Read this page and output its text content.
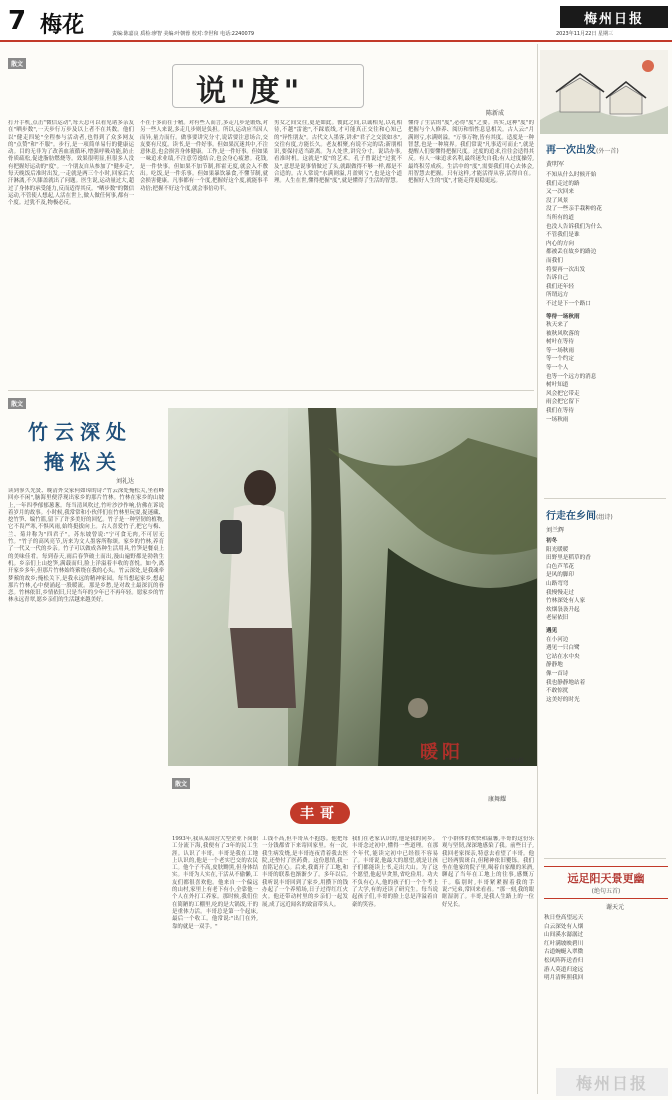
7 梅花	责编:陈嘉良 质检:廖智 美编:叶朝蓉 校对:李世和 电话:2240079
梅州日报
2023年11月22日 星期三
散文
说"度"
陈新成
打开手机,点击"微信运动",每天总可以看见诸多亲友在"晒步数",一天步行万步及以上者不在其数。他们以"健走四轮"全程参与活动者,也得到了众多网友的"点赞"和"不服"。步行,是一项简单易行的健康运动。目的无非为了改善血液循环,增强呼吸功能,防止骨质疏松,促进脂肪燃烧等。效果很明显,但很多人没有把握好运动的"度"。一个朋友自从参加了"健步走",每天晚饭后准时出发,一走就是两三个小时,回家后大汗淋漓,不久膝盖就出了问题。医生说,运动量过大,超过了身体的承受能力,反而适得其反。"晒步数"的微信运动,不管使人想起,人活在世上,做人做任何事,都有一个度。过犹不及,物极必反。
不在于多而在于精。对有些人而言,多走几步是锻炼,对另一些人来说,多走几步则是负担。所以,运动应当因人而异,量力而行。做事要讲究分寸,说话要注意场合,交友要有尺度。读书,是一件好事。但如果沉迷其中,不注意休息,也会损害身体健康。工作,是一件好事。但如果一味追求业绩,不注意劳逸结合,也会身心疲惫。花钱,是一件快事。但如果不加节制,挥霍无度,就会入不敷出。吃饭,是一件乐事。但如果暴饮暴食,不懂节制,就会损害健康。凡事都有一个度,把握好这个度,就能事半功倍;把握不好这个度,就会事倍功半。
男女之间交往,更是如此。彼此之间,以诚相见,以礼相待,不越"雷池",不踩底线,才可能真正交往和心知己的"异性朋友"。古代文人墨客,讲求"君子之交淡如水",交往有度,方能长久。老友相聚,有说不完的话;新朋相识,要保持适当距离。为人处世,讲究分寸。说话办事,看准时机。这就是"度"的艺术。孔子曾说过"过犹不及",意思是说事情做过了头,就跟做得不够一样,都是不合适的。古人常说"水满则溢,月盈则亏",也是这个道理。人生在世,懂得把握"度",就是懂得了生活的智慧。
懂得了生活的"度",必得"度"之要。其实,这种"度"的把握与个人修养、阅历和悟性息息相关。古人云:"月满则亏,水满则溢。"万事万物,皆有其度。适度是一种智慧,也是一种境界。我们常说"凡事适可而止",就是提醒人们要懂得把握尺度。过度的追求,往往会适得其反。有人一味追求名利,最终迷失自我;有人过度操劳,最终积劳成疾。生活中的"度",需要我们用心去体会,用智慧去把握。只有这样,才能活得从容,活得自在。把握好人生的"度",才能走得更稳更远。
散文
竹云深处
掩松关
刘礼达
读到蓼久先贤、晚清外交家何如璋的诗:"竹云深处掩松关,坐看峰回亦不闲",脑海里便浮现出家乡的那片竹林。竹林在家乡的山坡上,一年四季郁郁葱葱。每当清风吹过,竹叶沙沙作响,仿佛在诉说着岁月的故事。小时候,我常常和小伙伴们在竹林里玩耍,捉迷藏、挖竹笋、编竹篮,留下了许多美好的回忆。竹子是一种坚韧的植物,它不畏严寒,不惧风雨,始终挺拔向上。古人喜爱竹子,把它与梅、兰、菊并称为"四君子"。苏东坡曾说:"宁可食无肉,不可居无竹。"竹子的高风亮节,历来为文人墨客所称颂。家乡的竹林,养育了一代又一代的乡亲。竹子可以做成各种生活用具,竹笋是餐桌上的美味佳肴。每到春天,雨后春笋破土而出,漫山遍野都是勃勃生机。乡亲们上山挖笋,满载而归,脸上洋溢着丰收的喜悦。如今,离开家乡多年,但那片竹林始终萦绕在我的心头。竹云深处,是我魂牵梦萦的故乡;掩松关下,是我永远的精神家园。每当想起家乡,想起那片竹林,心中便涌起一股暖流。那是乡愁,是对故土最深沉的眷恋。竹林依旧,乡情依旧,只是当年的少年已不再年轻。愿家乡的竹林永远青翠,愿乡亲们的生活越来越美好。
暖阳	方华/摄
散文
丰哥
康舞耀
1993年,我从某国营大型企业下岗职工分流下海,我便有了3年的民工生涯。认识了丰哥。丰哥是我在工地上认识的,他是一个老实巴交的农民工。他个子不高,皮肤黝黑,但身体结实。丰哥为人实在,干活从不偷懒,工友们都很喜欢他。他来自一个偏远的山村,家里上有老下有小,全靠他一个人在外打工养家。那时候,我们住在简陋的工棚里,吃的是大锅饭,干的是重体力活。丰哥总是第一个起床,最后一个收工。他常说:"出门在外,靠的就是一双手。"
工钱不高,但丰哥从不抱怨。他把每一分钱都省下来寄回家里。有一次,我生病发烧,是丰哥连夜背着我去医院,还垫付了医药费。这份恩情,我一直铭记在心。后来,我离开了工地,和丰哥的联系也渐渐少了。多年以后,我听说丰哥回到了家乡,用攒下的钱办起了一个养殖场,日子过得红红火火。他还带动村里的乡亲们一起发展,成了远近闻名的致富带头人。
我们在老家认识的,他是我的同乡。丰哥念过初中,懂得一些道理。在那个年代,能读完初中已经很不容易了。丰哥说,他最大的愿望,就是让孩子们都能读上书,走出大山。为了这个愿望,他起早贪黑,省吃俭用。功夫不负有心人,他的孩子们一个个考上了大学,有的还读了研究生。每当说起孩子们,丰哥的脸上总是洋溢着自豪的笑容。
个小群体的欢快和温馨,丰哥的这份乐观与坚韧,深深地感染了我。前些日子,我回老家探亲,特意去看望了丰哥。他已经两鬓斑白,但精神依旧矍铄。我们坐在他家的院子里,喝着自家酿的米酒,聊起了当年在工地上的往事,感慨万千。临别时,丰哥紧紧握着我的手说:"兄弟,常回来看看。"那一刻,我的眼眶湿润了。丰哥,是我人生路上的一位好兄长。
再一次出发(外一首)
黄明军
不知从什么时候开始
我们走过的路
又一次回来
没了风景
没了一些亲手栽种的花
当所有的道
也没人告诉我们为什么
不管我们是谁
内心的方向
都被丢在故乡的路边
而我们
将要再一次出发
告诉自己
我们还年轻
所谓远方
不过是下一个路口
等待一场秋雨
秋天来了
被秋风吹落的
树叶在等待
等一场秋雨
等一个约定
等一个人
也等一个远方的消息
树叶知道
风会把它带走
雨会把它留下
我们在等待
一场秋雨
行走在乡间(组诗)
刘兰辉
初冬
阳光暖暖
田野里是稻草的香
白色芦苇花
是风的脚印
山路弯弯
我慢慢走过
竹林深处有人家
炊烟袅袅升起
老屋依旧
遇见
在小河边
遇见一只白鹭
它站在水中央
静静地
像一首诗
我也静静地站着
不敢惊扰
这美好的时光
远足阳天景更幽
(绝句五首)
谢天元
秋日登高望远天
白云深处有人烟
山间溪水潺潺过
红叶满坡映碧川
古道蜿蜒入翠微
松风阵阵送香归
游人莫道归途远
明月清辉照我回
梅州日报
